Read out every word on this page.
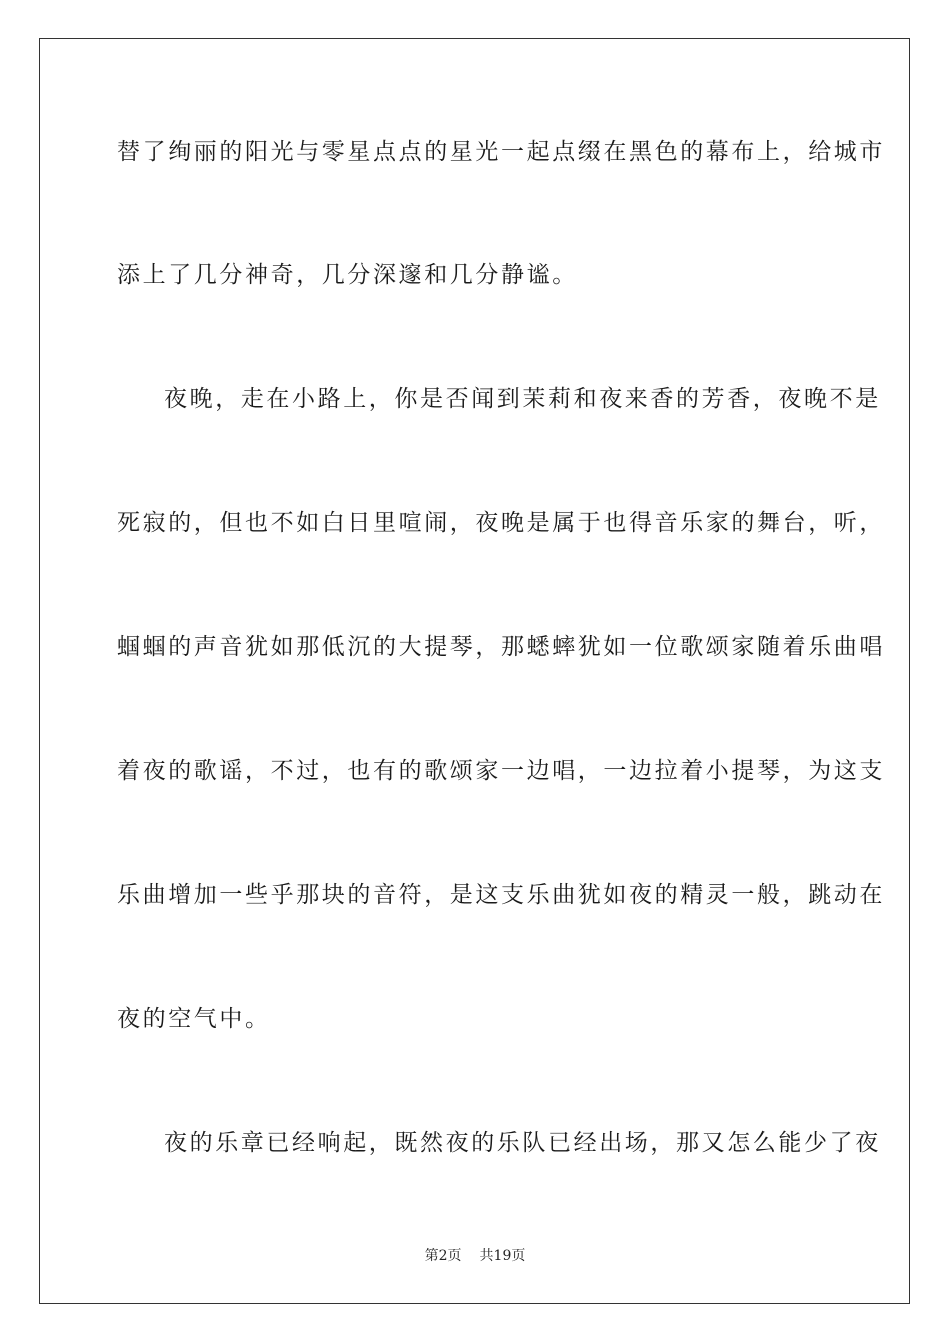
替了绚丽的阳光与零星点点的星光一起点缀在黑色的幕布上，给城市
添上了几分神奇，几分深邃和几分静谧。
夜晚，走在小路上，你是否闻到茉莉和夜来香的芳香，夜晚不是
死寂的，但也不如白日里喧闹，夜晚是属于也得音乐家的舞台，听，
蝈蝈的声音犹如那低沉的大提琴，那蟋蟀犹如一位歌颂家随着乐曲唱
着夜的歌谣，不过，也有的歌颂家一边唱，一边拉着小提琴，为这支
乐曲增加一些乎那块的音符，是这支乐曲犹如夜的精灵一般，跳动在
夜的空气中。
夜的乐章已经响起，既然夜的乐队已经出场，那又怎么能少了夜
第2页 共19页
